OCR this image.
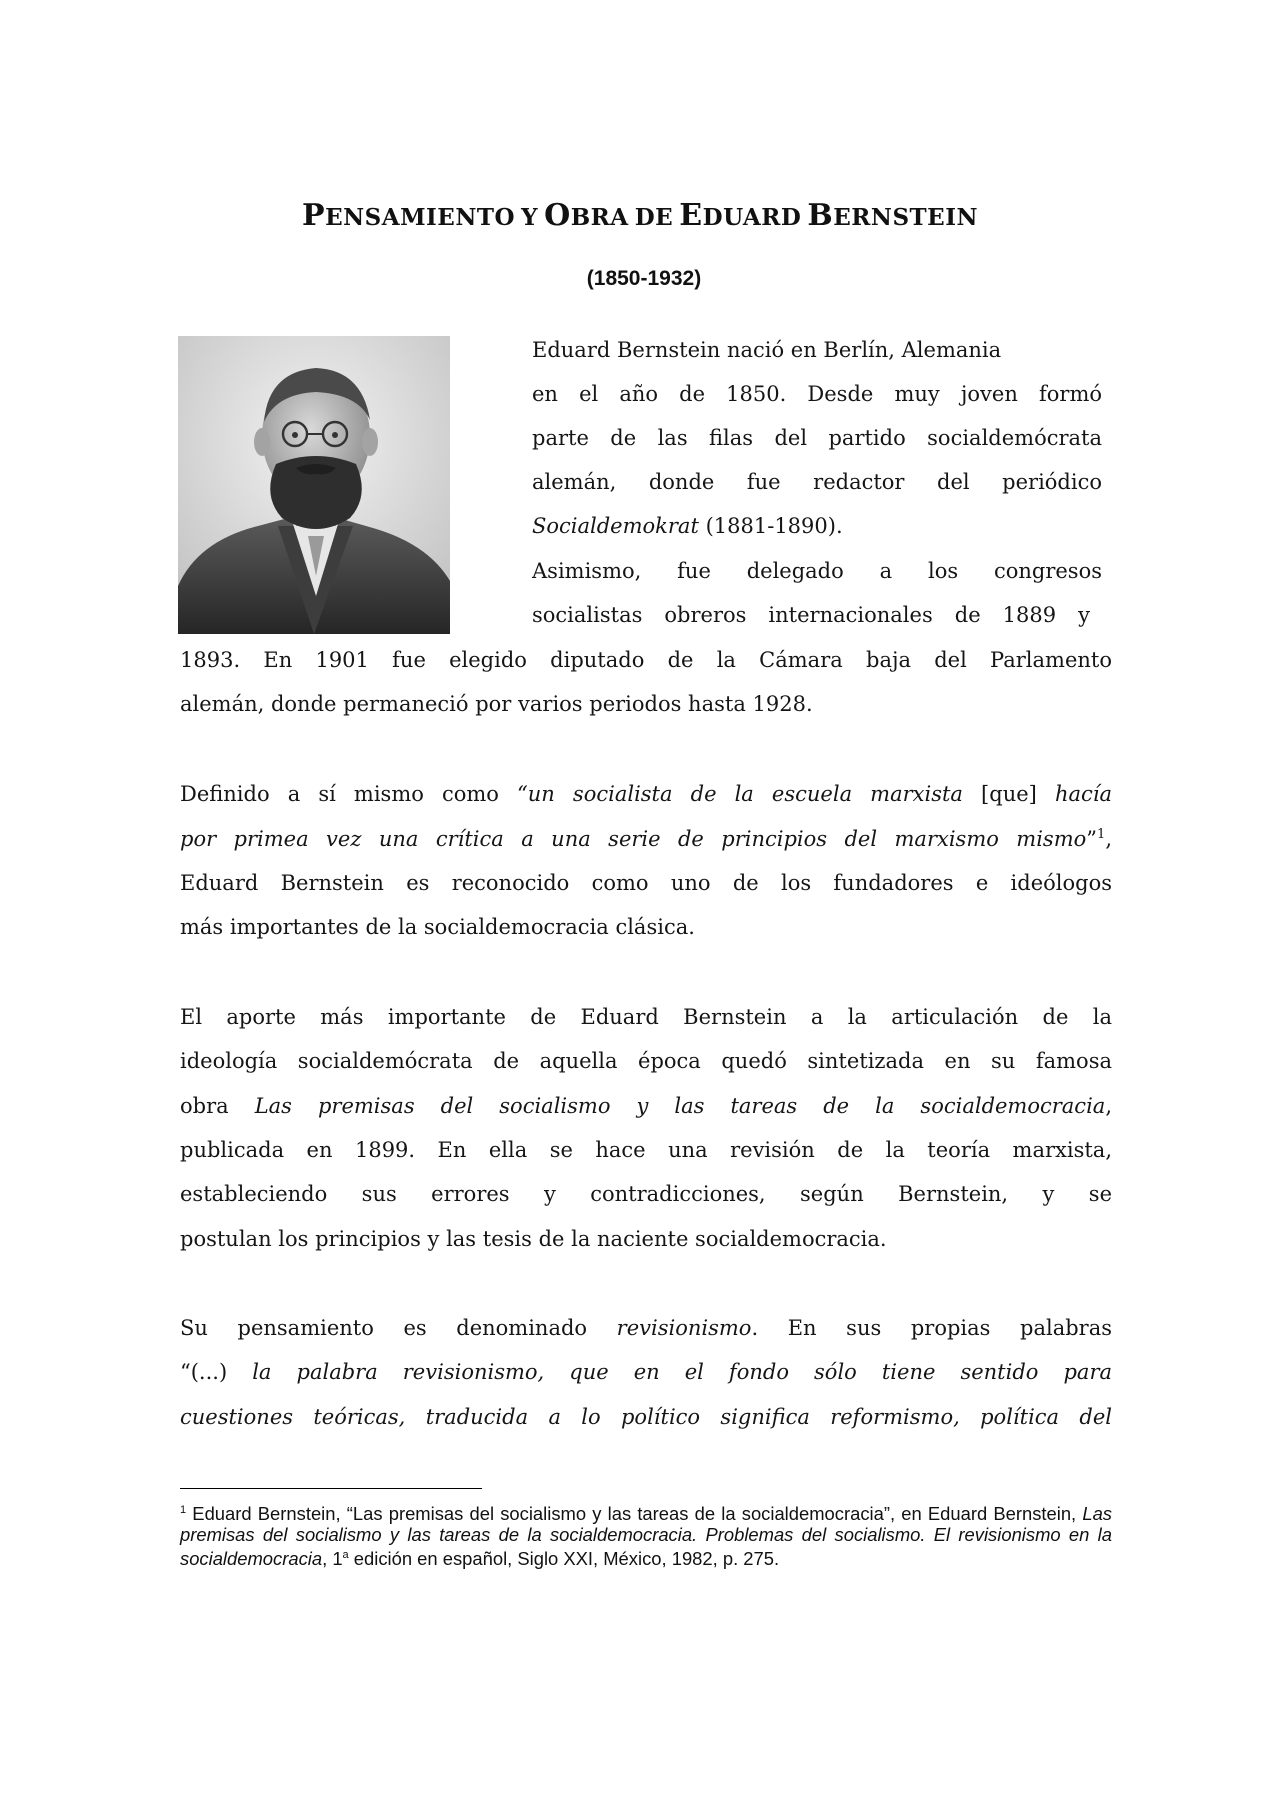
PENSAMIENTO Y OBRA DE EDUARD BERNSTEIN
(1850-1932)
Eduard Bernstein nació en Berlín, Alemania
en el año de 1850. Desde muy joven formó
parte de las filas del partido socialdemócrata
alemán, donde fue redactor del periódico
Socialdemokrat (1881-1890).
Asimismo, fue delegado a los congresos
socialistas obreros internacionales de 1889 y
1893. En 1901 fue elegido diputado de la Cámara baja del Parlamento
alemán, donde permaneció por varios periodos hasta 1928.
Definido a sí mismo como “un socialista de la escuela marxista [que] hacía
por primea vez una crítica a una serie de principios del marxismo mismo”$^1$,
Eduard Bernstein es reconocido como uno de los fundadores e ideólogos
más importantes de la socialdemocracia clásica.
El aporte más importante de Eduard Bernstein a la articulación de la
ideología socialdemócrata de aquella época quedó sintetizada en su famosa
obra Las premisas del socialismo y las tareas de la socialdemocracia,
publicada en 1899. En ella se hace una revisión de la teoría marxista,
estableciendo sus errores y contradicciones, según Bernstein, y se
postulan los principios y las tesis de la naciente socialdemocracia.
Su pensamiento es denominado revisionismo. En sus propias palabras
“(...) la palabra revisionismo, que en el fondo sólo tiene sentido para
cuestiones teóricas, traducida a lo político significa reformismo, política del
$^1$ Eduard Bernstein, “Las premisas del socialismo y las tareas de la socialdemocracia”, en Eduard Bernstein, Las premisas del socialismo y las tareas de la socialdemocracia. Problemas del socialismo. El revisionismo en la socialdemocracia, 1$^a$ edición en español, Siglo XXI, México, 1982, p. 275.
